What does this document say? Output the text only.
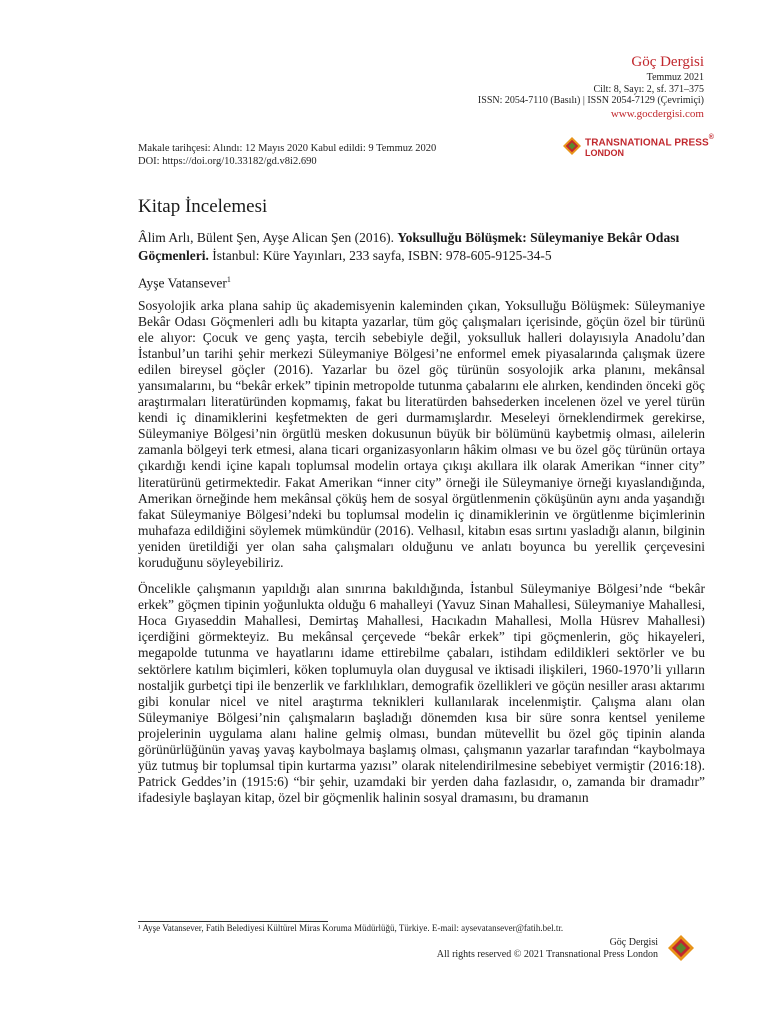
Göç Dergisi
Temmuz 2021
Cilt: 8, Sayı: 2, sf. 371–375
ISSN: 2054-7110 (Basılı) | ISSN 2054-7129 (Çevrimiçi)
www.gocdergisi.com
Makale tarihçesi: Alındı: 12 Mayıs 2020 Kabul edildi: 9 Temmuz 2020
DOI: https://doi.org/10.33182/gd.v8i2.690
TRANSNATIONAL PRESS®
LONDON
Kitap İncelemesi

Âlim Arlı, Bülent Şen, Ayşe Alican Şen (2016). Yoksulluğu Bölüşmek: Süleymaniye Bekâr Odası Göçmenleri. İstanbul: Küre Yayınları, 233 sayfa, ISBN: 978-605-9125-34-5

Ayşe Vatansever$^1$

Sosyolojik arka plana sahip üç akademisyenin kaleminden çıkan, Yoksulluğu Bölüşmek: Süleymaniye Bekâr Odası Göçmenleri adlı bu kitapta yazarlar, tüm göç çalışmaları içerisinde, göçün özel bir türünü ele alıyor: Çocuk ve genç yaşta, tercih sebebiyle değil, yoksulluk halleri dolayısıyla Anadolu’dan İstanbul’un tarihi şehir merkezi Süleymaniye Bölgesi’ne enformel emek piyasalarında çalışmak üzere edilen bireysel göçler (2016). Yazarlar bu özel göç türünün sosyolojik arka planını, mekânsal yansımalarını, bu “bekâr erkek” tipinin metropolde tutunma çabalarını ele alırken, kendinden önceki göç araştırmaları literatüründen kopmamış, fakat bu literatürden bahsederken incelenen özel ve yerel türün kendi iç dinamiklerini keşfetmekten de geri durmamışlardır. Meseleyi örneklendirmek gerekirse, Süleymaniye Bölgesi’nin örgütlü mesken dokusunun büyük bir bölümünü kaybetmiş olması, ailelerin zamanla bölgeyi terk etmesi, alana ticari organizasyonların hâkim olması ve bu özel göç türünün ortaya çıkardığı kendi içine kapalı toplumsal modelin ortaya çıkışı akıllara ilk olarak Amerikan “inner city” literatürünü getirmektedir. Fakat Amerikan “inner city” örneği ile Süleymaniye örneği kıyaslandığında, Amerikan örneğinde hem mekânsal çöküş hem de sosyal örgütlenmenin çöküşünün aynı anda yaşandığı fakat Süleymaniye Bölgesi’ndeki bu toplumsal modelin iç dinamiklerinin ve örgütlenme biçimlerinin muhafaza edildiğini söylemek mümkündür (2016). Velhasıl, kitabın esas sırtını yasladığı alanın, bilginin yeniden üretildiği yer olan saha çalışmaları olduğunu ve anlatı boyunca bu yerellik çerçevesini koruduğunu söyleyebiliriz.

Öncelikle çalışmanın yapıldığı alan sınırına bakıldığında, İstanbul Süleymaniye Bölgesi’nde “bekâr erkek” göçmen tipinin yoğunlukta olduğu 6 mahalleyi (Yavuz Sinan Mahallesi, Süleymaniye Mahallesi, Hoca Gıyaseddin Mahallesi, Demirtaş Mahallesi, Hacıkadın Mahallesi, Molla Hüsrev Mahallesi) içerdiğini görmekteyiz. Bu mekânsal çerçevede “bekâr erkek” tipi göçmenlerin, göç hikayeleri, megapolde tutunma ve hayatlarını idame ettirebilme çabaları, istihdam edildikleri sektörler ve bu sektörlere katılım biçimleri, köken toplumuyla olan duygusal ve iktisadi ilişkileri, 1960-1970’li yılların nostaljik gurbetçi tipi ile benzerlik ve farklılıkları, demografik özellikleri ve göçün nesiller arası aktarımı gibi konular nicel ve nitel araştırma teknikleri kullanılarak incelenmiştir. Çalışma alanı olan Süleymaniye Bölgesi’nin çalışmaların başladığı dönemden kısa bir süre sonra kentsel yenileme projelerinin uygulama alanı haline gelmiş olması, bundan mütevellit bu özel göç tipinin alanda görünürlüğünün yavaş yavaş kaybolmaya başlamış olması, çalışmanın yazarlar tarafından “kaybolmaya yüz tutmuş bir toplumsal tipin kurtarma yazısı” olarak nitelendirilmesine sebebiyet vermiştir (2016:18). Patrick Geddes’in (1915:6) “bir şehir, uzamdaki bir yerden daha fazlasıdır, o, zamanda bir dramadır” ifadesiyle başlayan kitap, özel bir göçmenlik halinin sosyal dramasını, bu dramanın

¹ Ayşe Vatansever, Fatih Belediyesi Kültürel Miras Koruma Müdürlüğü, Türkiye. E-mail: aysevatansever@fatih.bel.tr.
Göç Dergisi
All rights reserved © 2021 Transnational Press London
